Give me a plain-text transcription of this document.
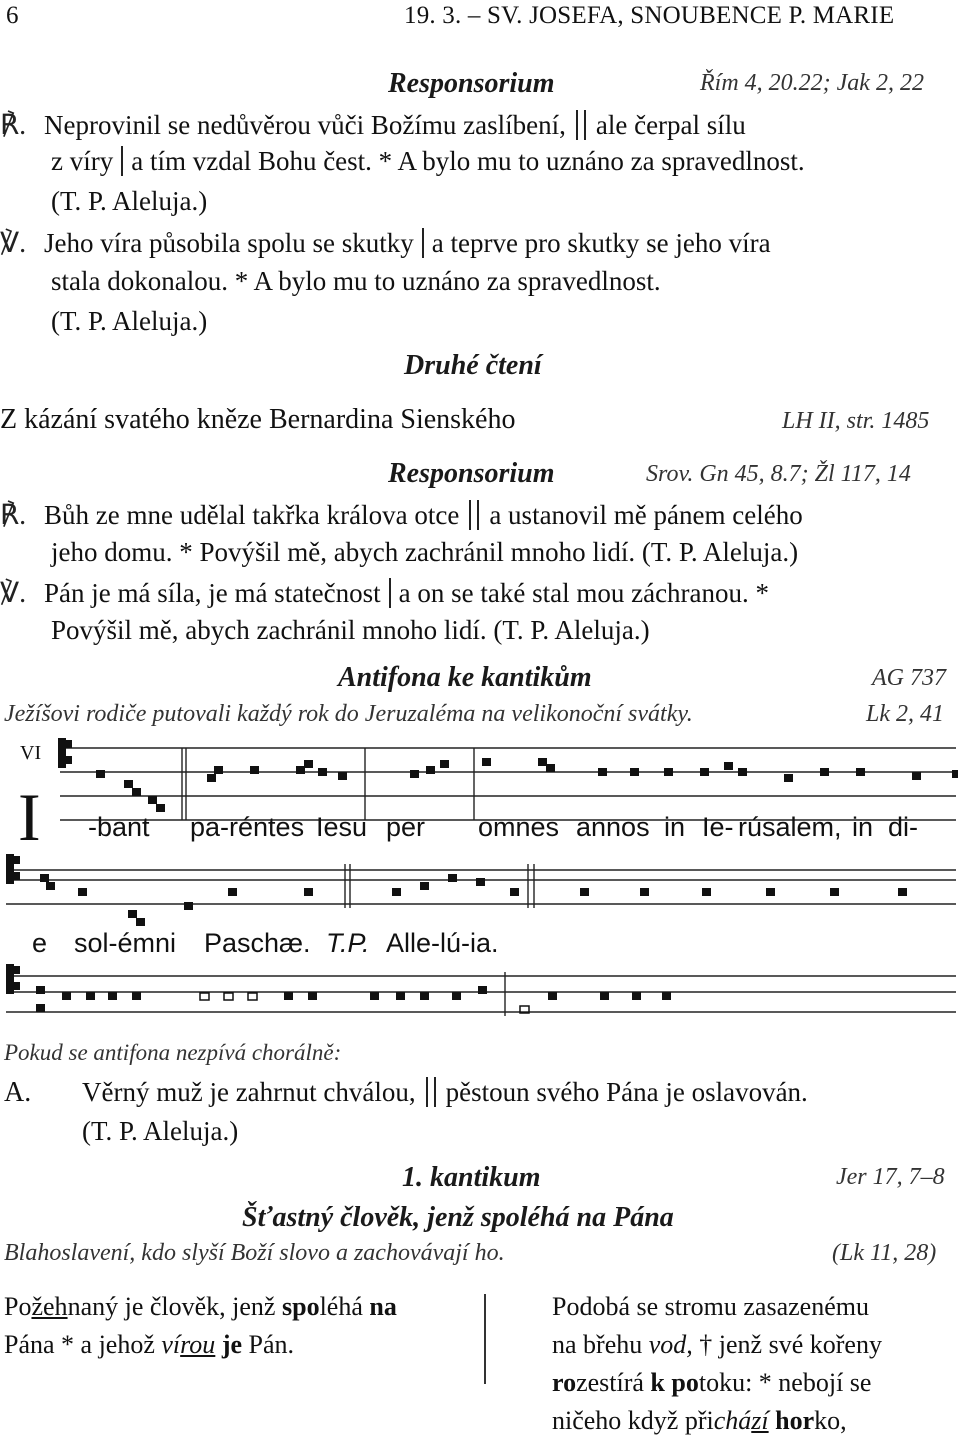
6	19. 3. – SV. JOSEFA, SNOUBENCE P. MARIE
Responsorium	Řím 4, 20.22; Jak 2, 22
℟. Neprovinil se nedůvěrou vůči Božímu zaslíbení, ale čerpal sílu
z víry a tím vzdal Bohu čest. * A bylo mu to uznáno za spravedlnost.
(T. P. Aleluja.)
℣. Jeho víra působila spolu se skutky a teprve pro skutky se jeho víra
stala dokonalou. * A bylo mu to uznáno za spravedlnost.
(T. P. Aleluja.)
Druhé čtení
Z kázání svatého kněze Bernardina Sienského	LH II, str. 1485
Responsorium	Srov. Gn 45, 8.7; Žl 117, 14
℟. Bůh ze mne udělal takřka králova otce a ustanovil mě pánem celého
jeho domu. * Povýšil mě, abych zachránil mnoho lidí. (T. P. Aleluja.)
℣. Pán je má síla, je má statečnost a on se také stal mou záchranou. *
Povýšil mě, abych zachránil mnoho lidí. (T. P. Aleluja.)
Antifona ke kantikům	AG 737
Ježíšovi rodiče putovali každý rok do Jeruzaléma na velikonoční svátky.	Lk 2, 41
VI
I -bant pa-réntes Iesu per omnes annos in Ie- rúsalem, in di-
e sol-émni Paschæ. T.P. Alle-lú-ia.
Pokud se antifona nezpívá chorálně:
A. Věrný muž je zahrnut chválou, pěstoun svého Pána je oslavován.
(T. P. Aleluja.)
1. kantikum	Jer 17, 7–8
Šťastný člověk, jenž spoléhá na Pána
Blahoslavení, kdo slyší Boží slovo a zachovávají ho.	(Lk 11, 28)
Požehnaný je člověk, jenž spoléhá na
Pána * a jehož vírou je Pán.
Podobá se stromu zasazenému
na břehu vod, † jenž své kořeny
rozestírá k potoku: * nebojí se
ničeho když přichází horko,
